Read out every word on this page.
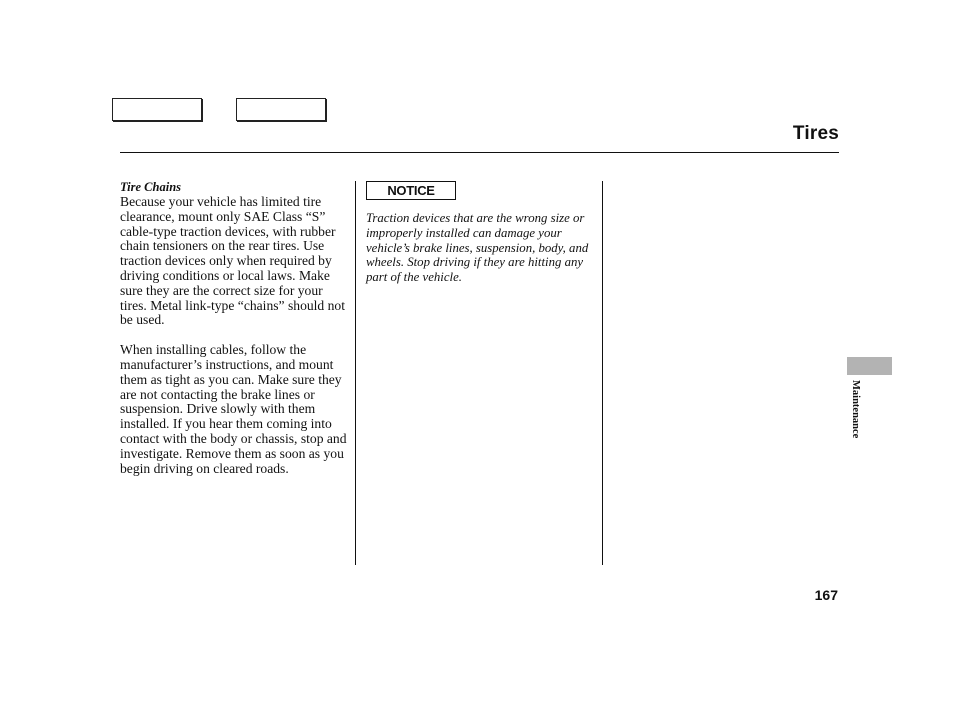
Tires
Tire Chains

Because your vehicle has limited tire clearance, mount only SAE Class “S” cable-type traction devices, with rubber chain tensioners on the rear tires. Use traction devices only when required by driving conditions or local laws. Make sure they are the correct size for your tires. Metal link-type “chains” should not be used.

When installing cables, follow the manufacturer’s instructions, and mount them as tight as you can. Make sure they are not contacting the brake lines or suspension. Drive slowly with them installed. If you hear them coming into contact with the body or chassis, stop and investigate. Remove them as soon as you begin driving on cleared roads.

NOTICE
Traction devices that are the wrong size or improperly installed can damage your vehicle’s brake lines, suspension, body, and wheels. Stop driving if they are hitting any part of the vehicle.
Maintenance
167
